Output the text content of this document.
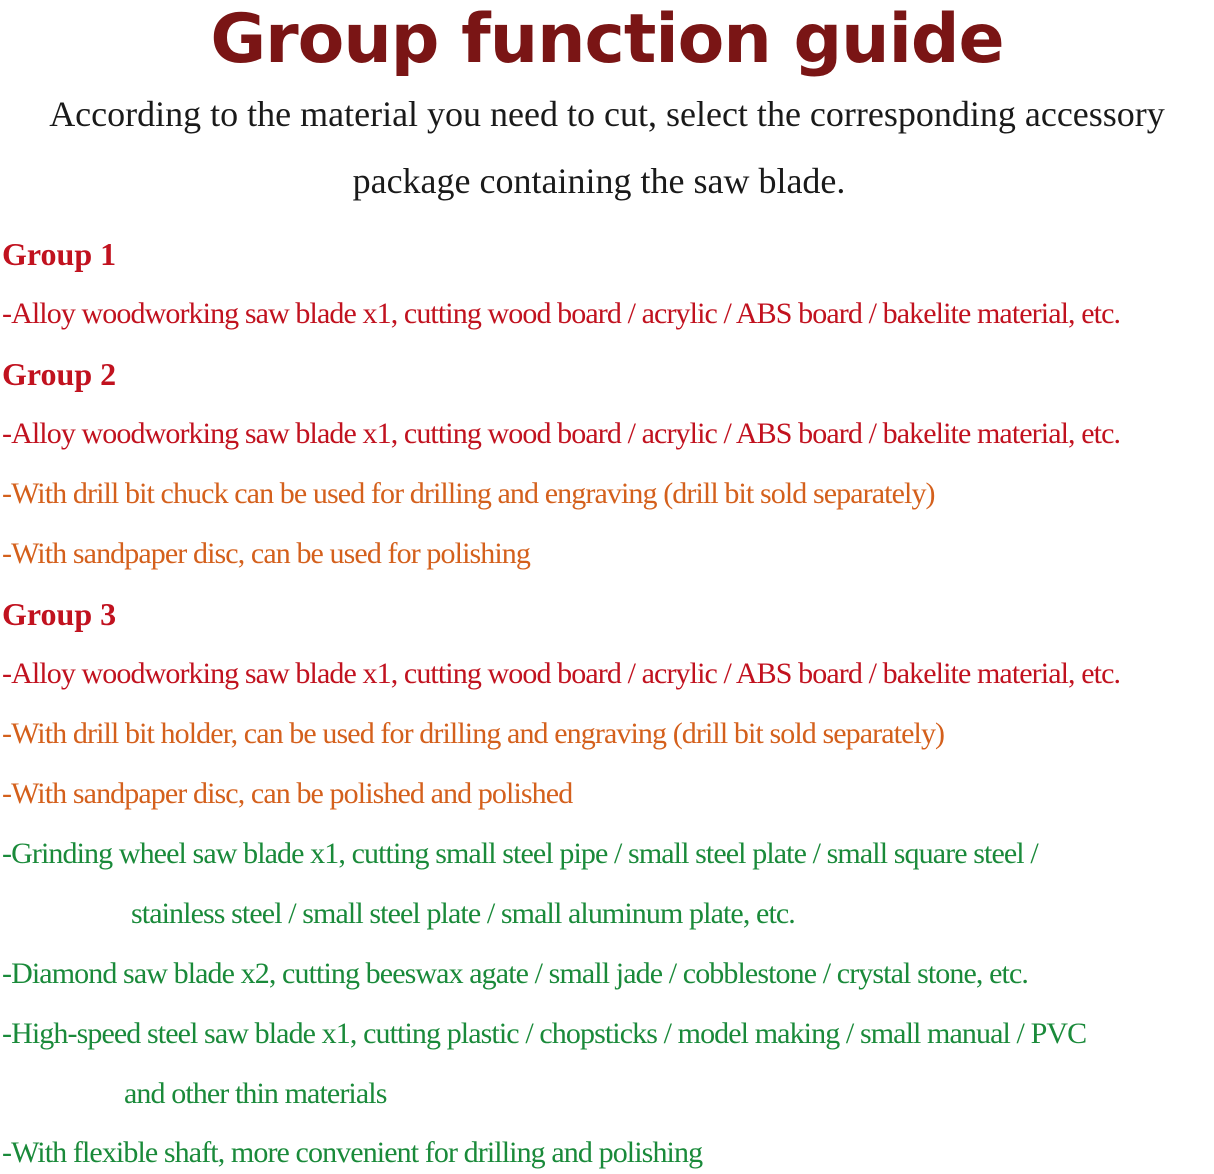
Group function guide
According to the material you need to cut, select the corresponding accessory
package containing the saw blade.
Group 1
-Alloy woodworking saw blade x1, cutting wood board / acrylic / ABS board / bakelite material, etc.
Group 2
-Alloy woodworking saw blade x1, cutting wood board / acrylic / ABS board / bakelite material, etc.
-With drill bit chuck can be used for drilling and engraving (drill bit sold separately)
-With sandpaper disc, can be used for polishing
Group 3
-Alloy woodworking saw blade x1, cutting wood board / acrylic / ABS board / bakelite material, etc.
-With drill bit holder, can be used for drilling and engraving (drill bit sold separately)
-With sandpaper disc, can be polished and polished
-Grinding wheel saw blade x1, cutting small steel pipe / small steel plate / small square steel /
stainless steel / small steel plate / small aluminum plate, etc.
-Diamond saw blade x2, cutting beeswax agate / small jade / cobblestone / crystal stone, etc.
-High-speed steel saw blade x1, cutting plastic / chopsticks / model making / small manual / PVC
and other thin materials
-With flexible shaft, more convenient for drilling and polishing
